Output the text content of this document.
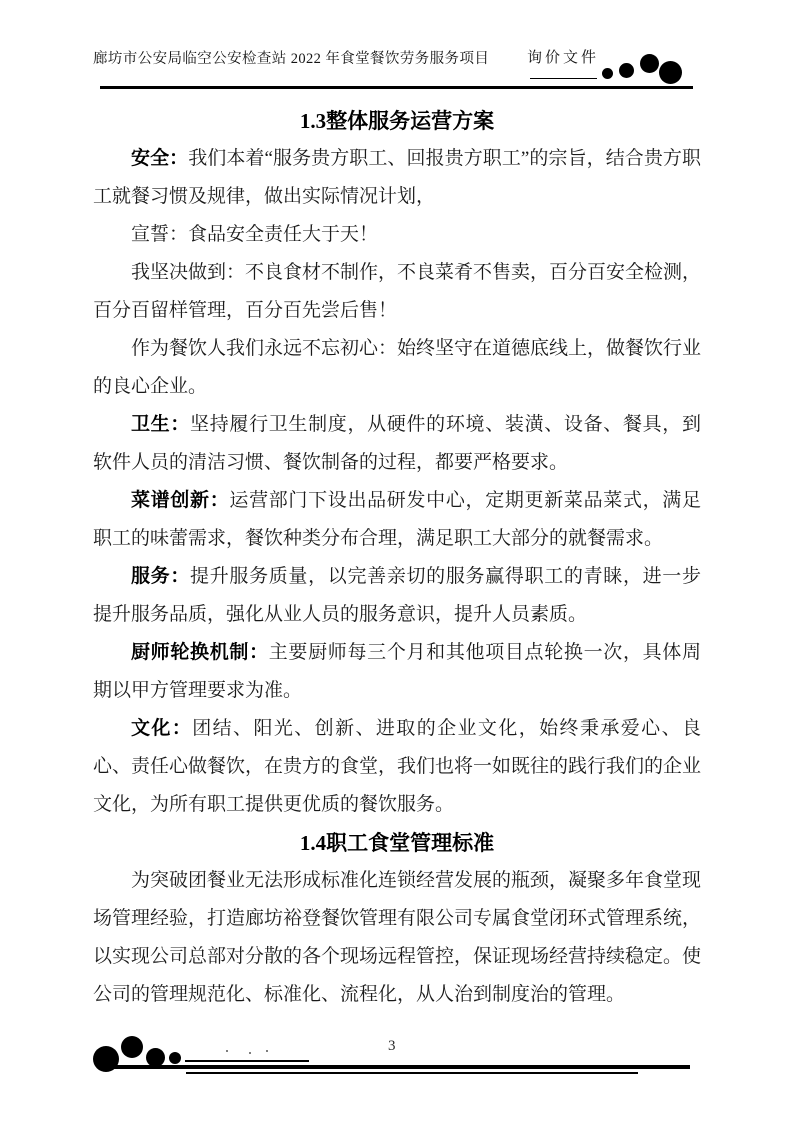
廊坊市公安局临空公安检查站 2022 年食堂餐饮劳务服务项目	询价文件
1.3整体服务运营方案

安全：我们本着“服务贵方职工、回报贵方职工”的宗旨，结合贵方职工就餐习惯及规律，做出实际情况计划，

宣誓：食品安全责任大于天！

我坚决做到：不良食材不制作，不良菜肴不售卖，百分百安全检测，百分百留样管理，百分百先尝后售！

作为餐饮人我们永远不忘初心：始终坚守在道德底线上，做餐饮行业的良心企业。

卫生：坚持履行卫生制度，从硬件的环境、装潢、设备、餐具，到软件人员的清洁习惯、餐饮制备的过程，都要严格要求。

菜谱创新：运营部门下设出品研发中心，定期更新菜品菜式，满足职工的味蕾需求，餐饮种类分布合理，满足职工大部分的就餐需求。

服务：提升服务质量，以完善亲切的服务赢得职工的青睐，进一步提升服务品质，强化从业人员的服务意识，提升人员素质。

厨师轮换机制：主要厨师每三个月和其他项目点轮换一次，具体周期以甲方管理要求为准。

文化：团结、阳光、创新、进取的企业文化，始终秉承爱心、良心、责任心做餐饮，在贵方的食堂，我们也将一如既往的践行我们的企业文化，为所有职工提供更优质的餐饮服务。

1.4职工食堂管理标准

为突破团餐业无法形成标准化连锁经营发展的瓶颈，凝聚多年食堂现场管理经验，打造廊坊裕登餐饮管理有限公司专属食堂闭环式管理系统，以实现公司总部对分散的各个现场远程管控，保证现场经营持续稳定。使公司的管理规范化、标准化、流程化，从人治到制度治的管理。

3
